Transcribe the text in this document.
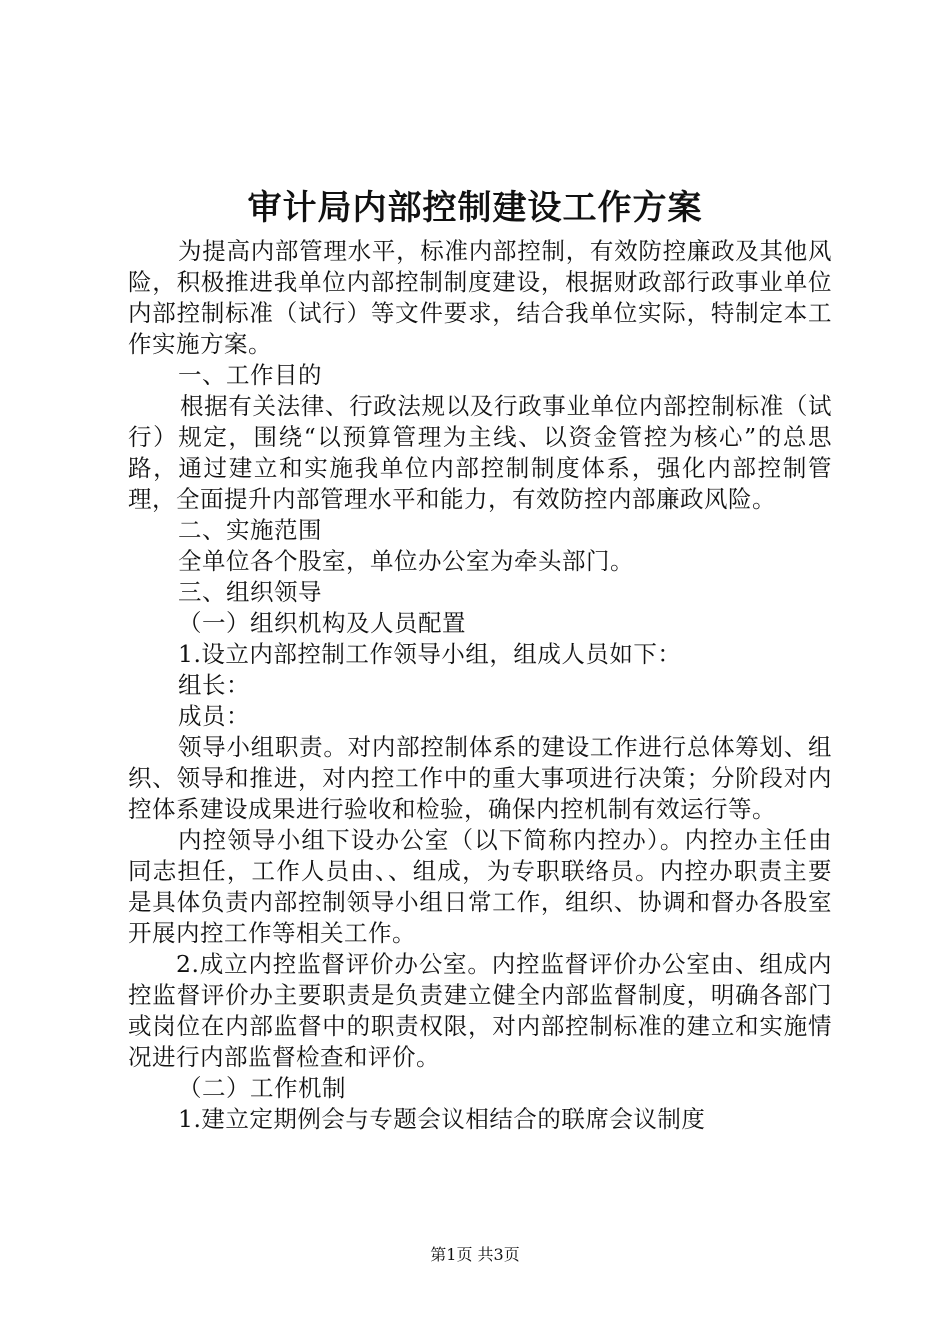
审计局内部控制建设工作方案

为提高内部管理水平，标准内部控制，有效防控廉政及其他风险，积极推进我单位内部控制制度建设，根据财政部行政事业单位内部控制标准（试行）等文件要求，结合我单位实际，特制定本工作实施方案。

一、工作目的

根据有关法律、行政法规以及行政事业单位内部控制标准（试行）规定，围绕“以预算管理为主线、以资金管控为核心”的总思路，通过建立和实施我单位内部控制制度体系，强化内部控制管理，全面提升内部管理水平和能力，有效防控内部廉政风险。

二、实施范围

全单位各个股室，单位办公室为牵头部门。

三、组织领导

（一）组织机构及人员配置

1.设立内部控制工作领导小组，组成人员如下：

组长：

成员：

领导小组职责。对内部控制体系的建设工作进行总体筹划、组织、领导和推进，对内控工作中的重大事项进行决策；分阶段对内控体系建设成果进行验收和检验，确保内控机制有效运行等。

内控领导小组下设办公室（以下简称内控办）。内控办主任由同志担任，工作人员由、、组成，为专职联络员。内控办职责主要是具体负责内部控制领导小组日常工作，组织、协调和督办各股室开展内控工作等相关工作。

2.成立内控监督评价办公室。内控监督评价办公室由、组成内控监督评价办主要职责是负责建立健全内部监督制度，明确各部门或岗位在内部监督中的职责权限，对内部控制标准的建立和实施情况进行内部监督检查和评价。

（二）工作机制

1.建立定期例会与专题会议相结合的联席会议制度

第1页 共3页
